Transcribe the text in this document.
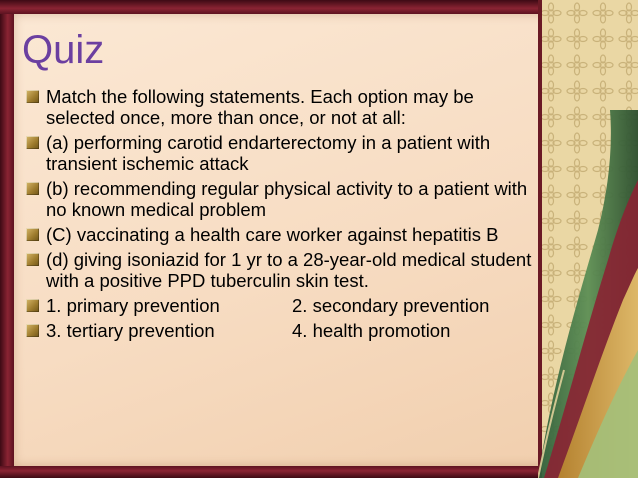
Quiz
Match the following statements. Each option may be selected once, more than once, or not at all:
(a) performing carotid endarterectomy in a patient with transient ischemic attack
(b) recommending regular physical activity to a patient with no known medical problem
(C) vaccinating a health care worker against hepatitis B
(d) giving isoniazid for 1 yr to a 28-year-old medical student with a positive PPD tuberculin skin test.
1. primary prevention	2. secondary prevention
3. tertiary prevention	4. health promotion
